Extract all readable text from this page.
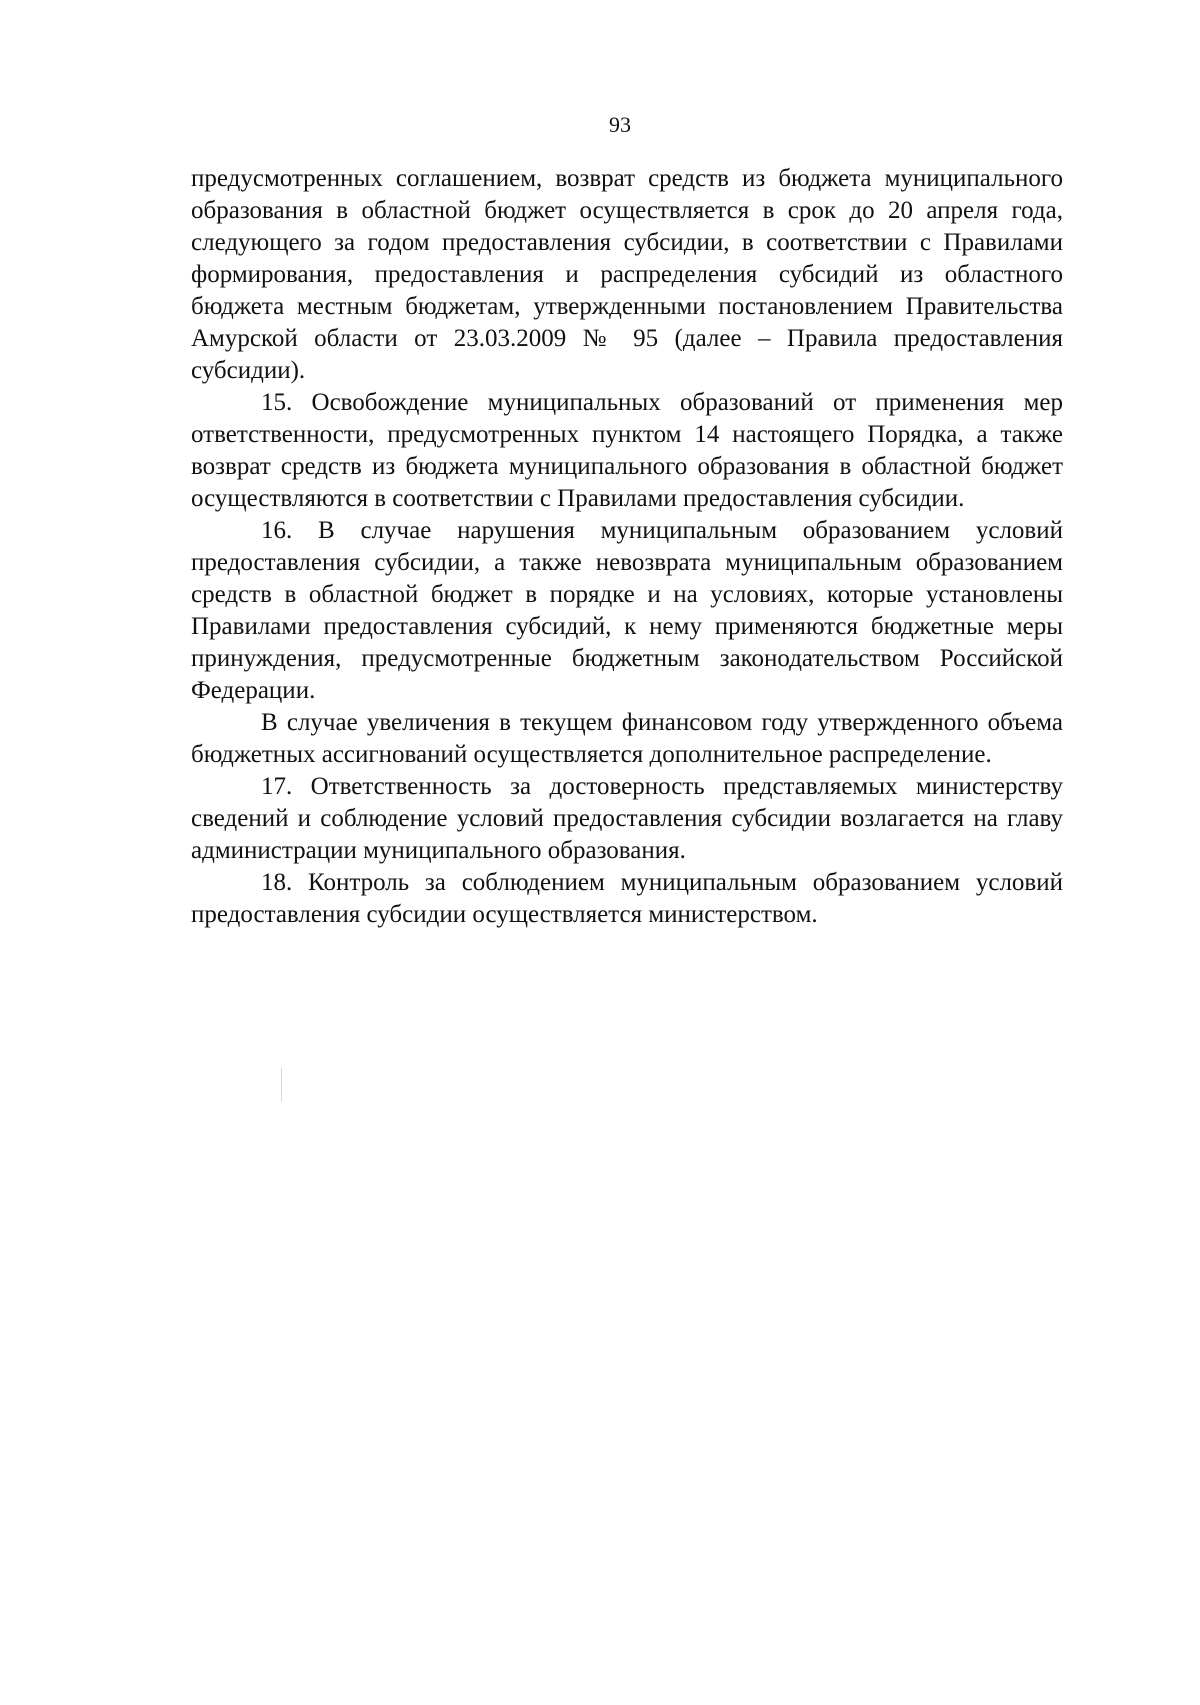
93

предусмотренных соглашением, возврат средств из бюджета муниципального образования в областной бюджет осуществляется в срок до 20 апреля года, следующего за годом предоставления субсидии, в соответствии с Правилами формирования, предоставления и распределения субсидий из областного бюджета местным бюджетам, утвержденными постановлением Правительства Амурской области от 23.03.2009 № 95 (далее – Правила предоставления субсидии).

15. Освобождение муниципальных образований от применения мер ответственности, предусмотренных пунктом 14 настоящего Порядка, а также возврат средств из бюджета муниципального образования в областной бюджет осуществляются в соответствии с Правилами предоставления субсидии.

16. В случае нарушения муниципальным образованием условий предоставления субсидии, а также невозврата муниципальным образованием средств в областной бюджет в порядке и на условиях, которые установлены Правилами предоставления субсидий, к нему применяются бюджетные меры принуждения, предусмотренные бюджетным законодательством Российской Федерации.

В случае увеличения в текущем финансовом году утвержденного объема бюджетных ассигнований осуществляется дополнительное распределение.

17. Ответственность за достоверность представляемых министерству сведений и соблюдение условий предоставления субсидии возлагается на главу администрации муниципального образования.

18. Контроль за соблюдением муниципальным образованием условий предоставления субсидии осуществляется министерством.
